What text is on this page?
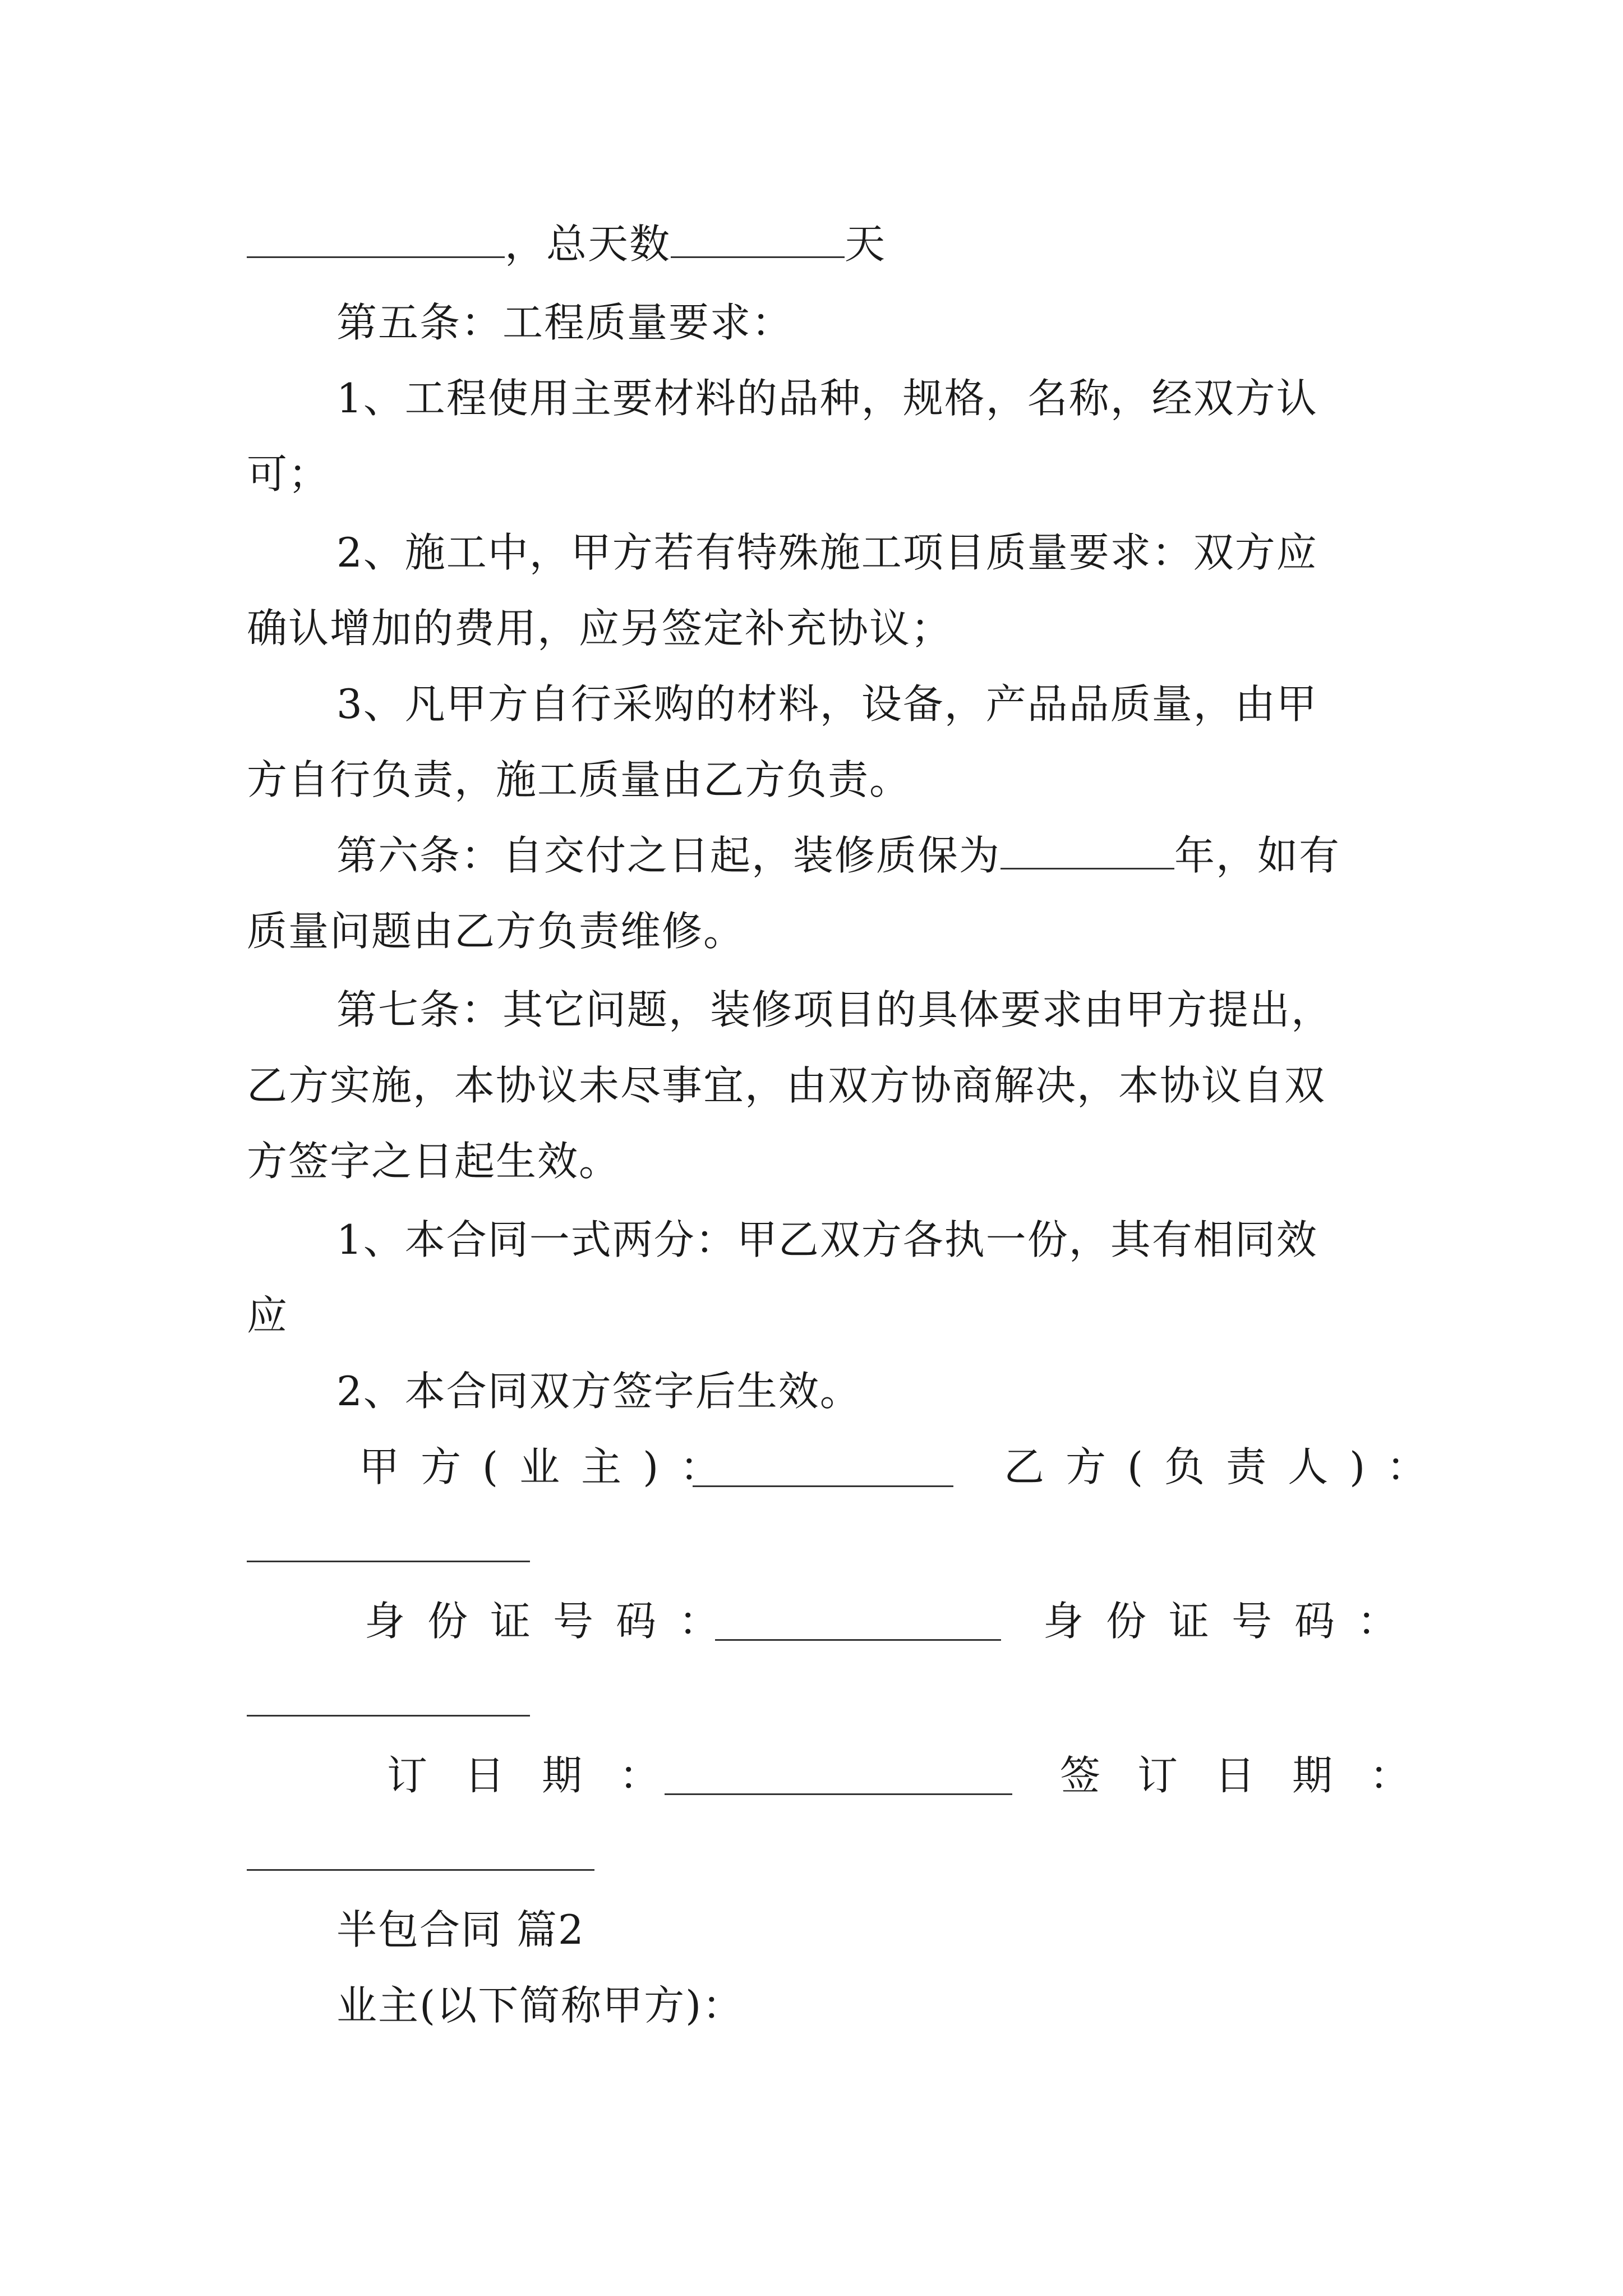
，总天数	天
第五条：工程质量要求：
1、工程使用主要材料的品种，规格，名称，经双方认
可；
2、施工中，甲方若有特殊施工项目质量要求：双方应
确认增加的费用，应另签定补充协议；
3、凡甲方自行采购的材料，设备，产品品质量，由甲
方自行负责，施工质量由乙方负责。
第六条：自交付之日起，装修质保为	年，如有
质量问题由乙方负责维修。
第七条：其它问题，装修项目的具体要求由甲方提出，
乙方实施，本协议未尽事宜，由双方协商解决，本协议自双
方签字之日起生效。
1、本合同一式两分：甲乙双方各执一份，其有相同效
应
2、本合同双方签字后生效。
甲方(业主)：	乙方(负责人)：
身份证号码：	身份证号码：
订日期：	签订日期：
半包合同 篇2
业主(以下简称甲方)：
